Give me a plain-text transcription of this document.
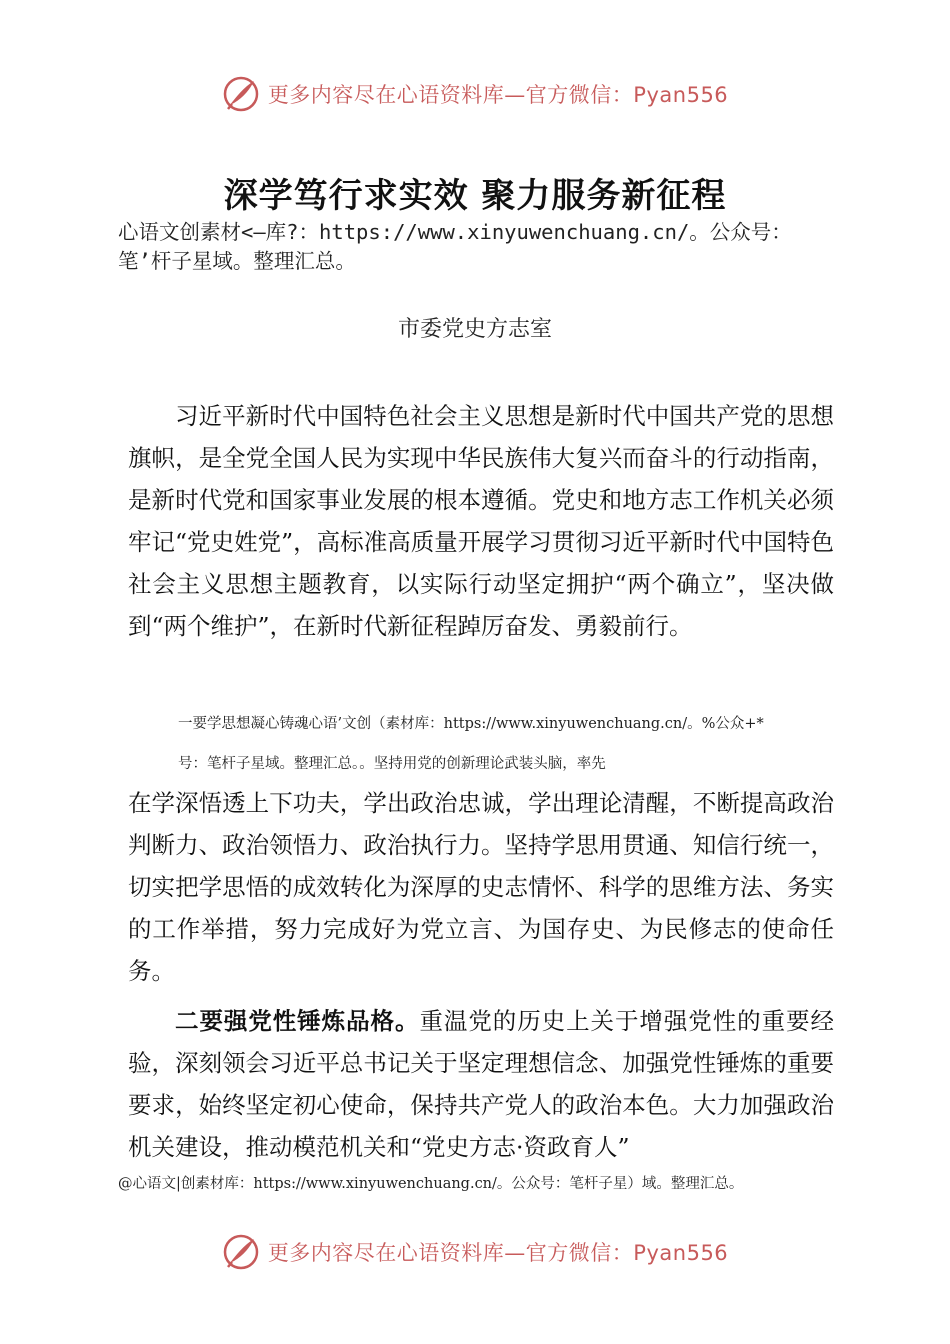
更多内容尽在心语资料库—官方微信：Pyan556
深学笃行求实效 聚力服务新征程
心语文创素材<—库?：https://www.xinyuwenchuang.cn/。公众号：笔’杆子星域。整理汇总。
市委党史方志室

习近平新时代中国特色社会主义思想是新时代中国共产党的思想旗帜，是全党全国人民为实现中华民族伟大复兴而奋斗的行动指南，是新时代党和国家事业发展的根本遵循。党史和地方志工作机关必须牢记“党史姓党”，高标准高质量开展学习贯彻习近平新时代中国特色社会主义思想主题教育，以实际行动坚定拥护“两个确立”，坚决做到“两个维护”，在新时代新征程踔厉奋发、勇毅前行。

一要学思想凝心铸魂心语’文创（素材库：https://www.xinyuwenchuang.cn/。%公众+*
号：笔杆子星域。整理汇总。。坚持用党的创新理论武装头脑，率先

在学深悟透上下功夫，学出政治忠诚，学出理论清醒，不断提高政治判断力、政治领悟力、政治执行力。坚持学思用贯通、知信行统一，切实把学思悟的成效转化为深厚的史志情怀、科学的思维方法、务实的工作举措，努力完成好为党立言、为国存史、为民修志的使命任务。

二要强党性锤炼品格。重温党的历史上关于增强党性的重要经验，深刻领会习近平总书记关于坚定理想信念、加强党性锤炼的重要要求，始终坚定初心使命，保持共产党人的政治本色。大力加强政治机关建设，推动模范机关和“党史方志·资政育人”

@心语文|创素材库：https://www.xinyuwenchuang.cn/。公众号：笔杆子星）域。整理汇总。
更多内容尽在心语资料库—官方微信：Pyan556
